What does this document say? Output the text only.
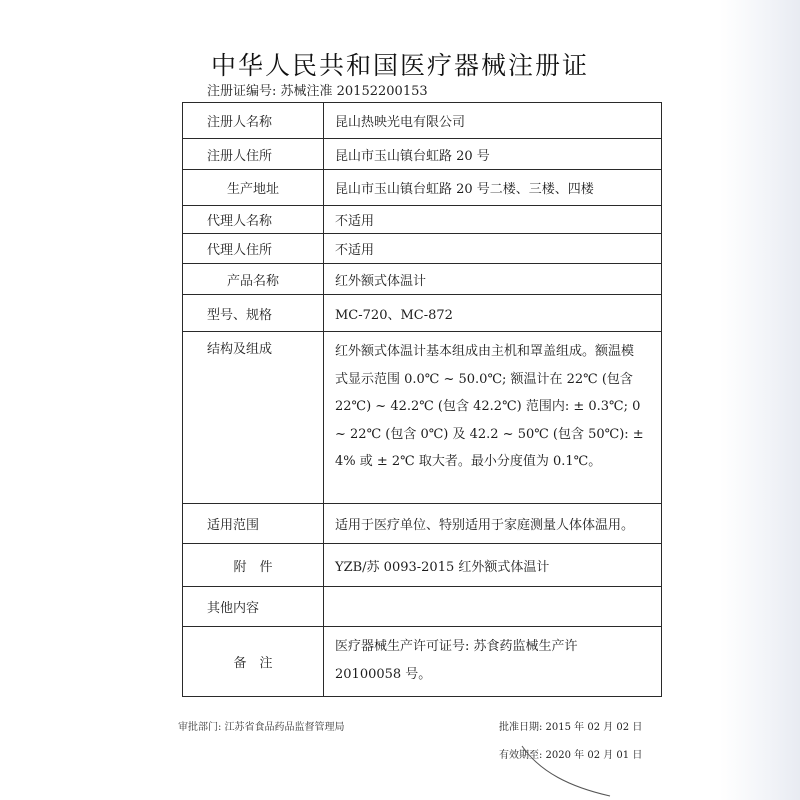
中华人民共和国医疗器械注册证
注册证编号: 苏械注准 20152200153
注册人名称	昆山热映光电有限公司
注册人住所	昆山市玉山镇台虹路 20 号
生产地址	昆山市玉山镇台虹路 20 号二楼、三楼、四楼
代理人名称	不适用
代理人住所	不适用
产品名称	红外额式体温计
型号、规格	MC-720、MC-872
结构及组成	红外额式体温计基本组成由主机和罩盖组成。额温模式显示范围 0.0℃ ~ 50.0℃; 额温计在 22℃ (包含 22℃) ~ 42.2℃ (包含 42.2℃) 范围内: ± 0.3℃; 0 ~ 22℃ (包含 0℃) 及 42.2 ~ 50℃ (包含 50℃): ± 4% 或 ± 2℃ 取大者。最小分度值为 0.1℃。

适用范围	适用于医疗单位、特别适用于家庭测量人体体温用。
附　件	YZB/苏 0093-2015 红外额式体温计
其他内容	
备　注	医疗器械生产许可证号: 苏食药监械生产许 20100058 号。
审批部门: 江苏省食品药品监督管理局	批准日期: 2015 年 02 月 02 日
有效期至: 2020 年 02 月 01 日
